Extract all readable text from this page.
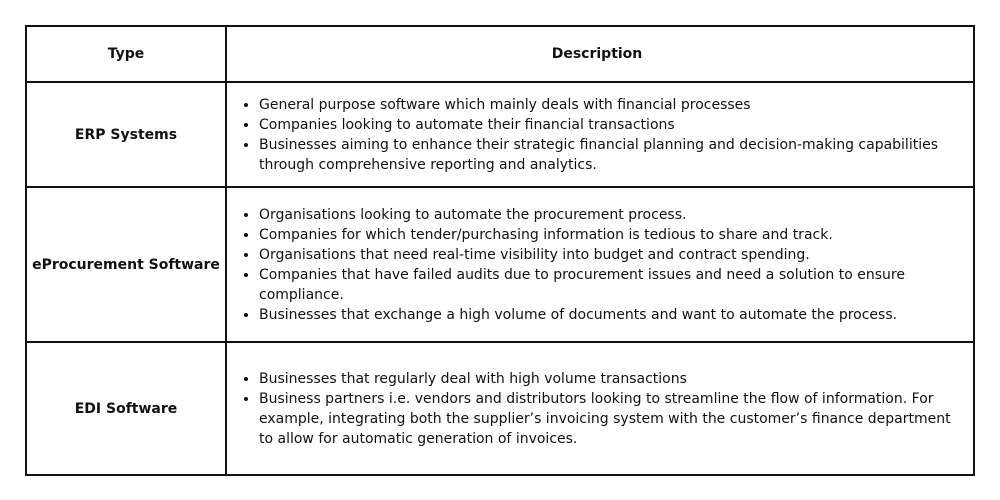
Type	Description
ERP Systems
• General purpose software which mainly deals with financial processes
• Companies looking to automate their financial transactions
• Businesses aiming to enhance their strategic financial planning and decision-making capabilities through comprehensive reporting and analytics.
eProcurement Software
• Organisations looking to automate the procurement process.
• Companies for which tender/purchasing information is tedious to share and track.
• Organisations that need real-time visibility into budget and contract spending.
• Companies that have failed audits due to procurement issues and need a solution to ensure compliance.
• Businesses that exchange a high volume of documents and want to automate the process.
EDI Software
• Businesses that regularly deal with high volume transactions
• Business partners i.e. vendors and distributors looking to streamline the flow of information. For example, integrating both the supplier’s invoicing system with the customer’s finance department to allow for automatic generation of invoices.
